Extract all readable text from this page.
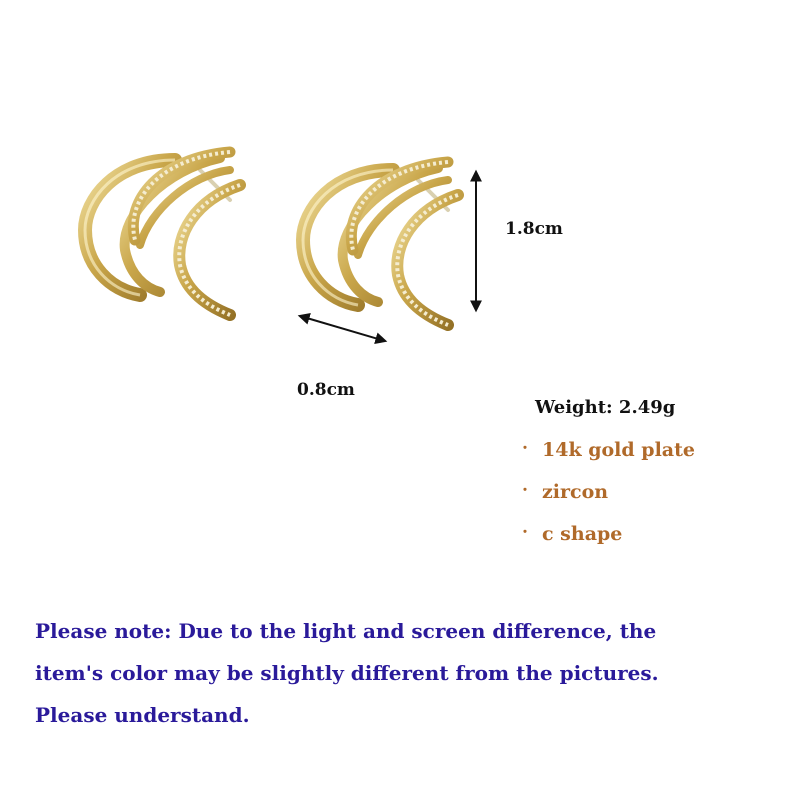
1.8cm

0.8cm

Weight: 2.49g

・ 14k gold plate
・ zircon
・ c shape

Please note: Due to the light and screen difference, the

item's color may be slightly different from the pictures.

Please understand.
